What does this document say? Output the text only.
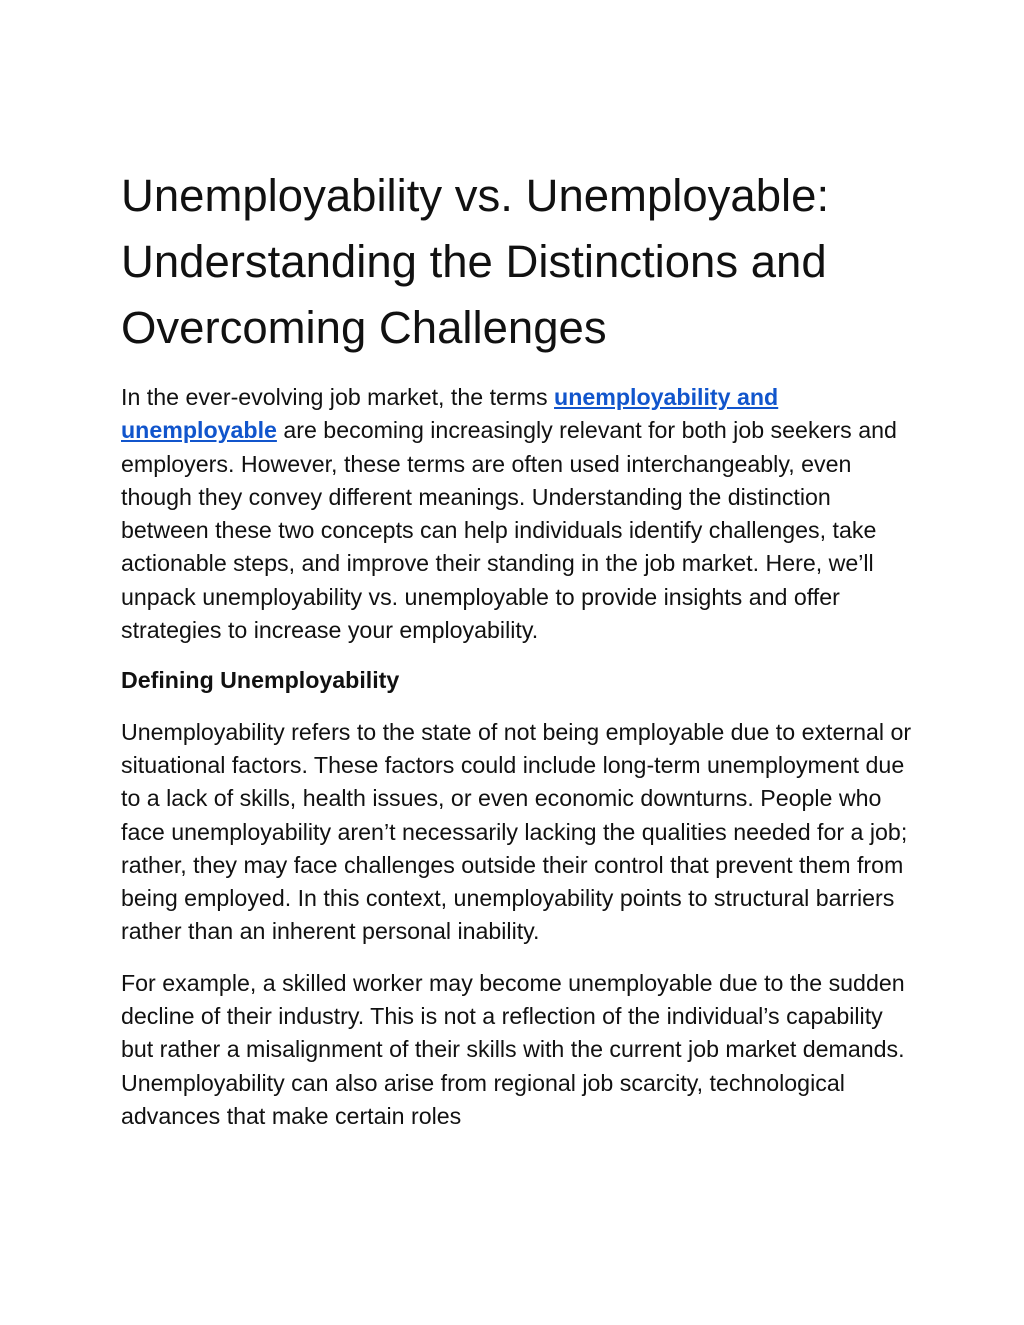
Unemployability vs. Unemployable:
Understanding the Distinctions and
Overcoming Challenges

In the ever-evolving job market, the terms unemployability and unemployable are becoming increasingly relevant for both job seekers and employers. However, these terms are often used interchangeably, even though they convey different meanings. Understanding the distinction between these two concepts can help individuals identify challenges, take actionable steps, and improve their standing in the job market. Here, we’ll unpack unemployability vs. unemployable to provide insights and offer strategies to increase your employability.

Defining Unemployability

Unemployability refers to the state of not being employable due to external or situational factors. These factors could include long-term unemployment due to a lack of skills, health issues, or even economic downturns. People who face unemployability aren’t necessarily lacking the qualities needed for a job; rather, they may face challenges outside their control that prevent them from being employed. In this context, unemployability points to structural barriers rather than an inherent personal inability.

For example, a skilled worker may become unemployable due to the sudden decline of their industry. This is not a reflection of the individual’s capability but rather a misalignment of their skills with the current job market demands. Unemployability can also arise from regional job scarcity, technological advances that make certain roles
